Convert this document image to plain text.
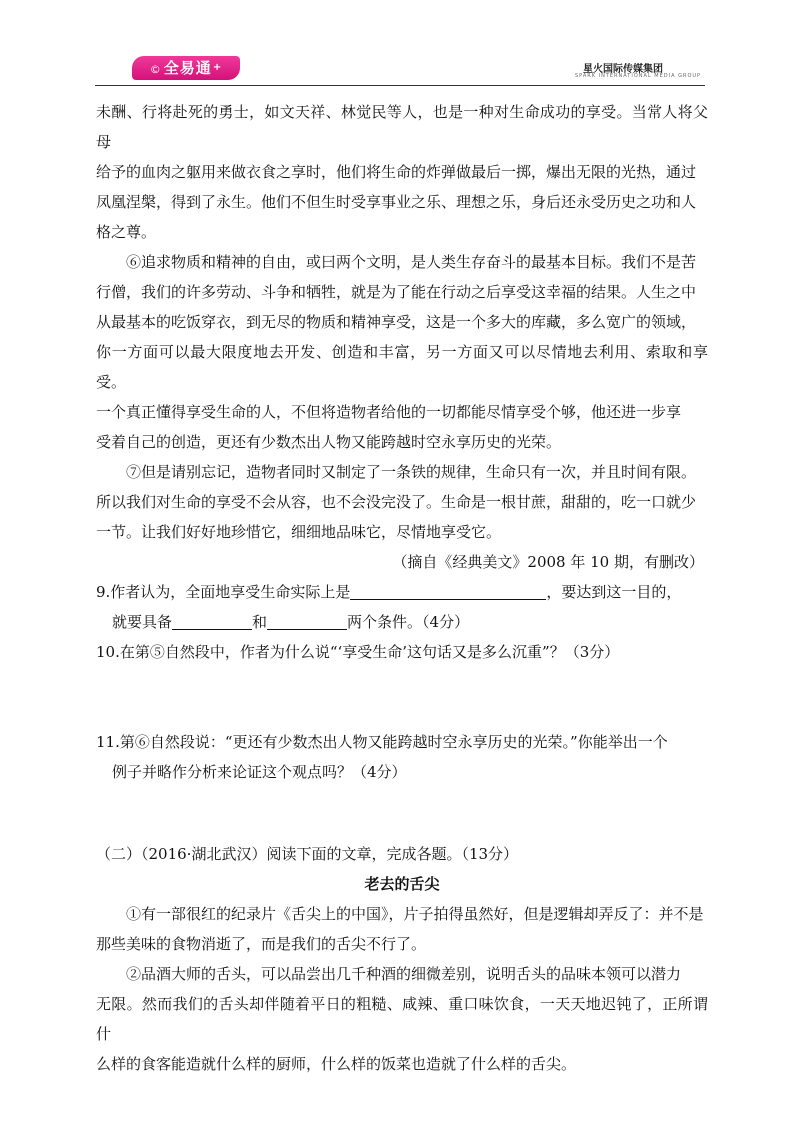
© 全易通+	星火国际传媒集团
SPARK INTERNATIONAL MEDIA GROUP

未酬、行将赴死的勇士，如文天祥、林觉民等人，也是一种对生命成功的享受。当常人将父母

给予的血肉之躯用来做衣食之享时，他们将生命的炸弹做最后一掷，爆出无限的光热，通过

凤凰涅槃，得到了永生。他们不但生时受享事业之乐、理想之乐，身后还永受历史之功和人

格之尊。

⑥追求物质和精神的自由，或曰两个文明，是人类生存奋斗的最基本目标。我们不是苦

行僧，我们的许多劳动、斗争和牺牲，就是为了能在行动之后享受这幸福的结果。人生之中

从最基本的吃饭穿衣，到无尽的物质和精神享受，这是一个多大的库藏，多么宽广的领域，

你一方面可以最大限度地去开发、创造和丰富，另一方面又可以尽情地去利用、索取和享受。

一个真正懂得享受生命的人，不但将造物者给他的一切都能尽情享受个够，他还进一步享

受着自己的创造，更还有少数杰出人物又能跨越时空永享历史的光荣。

⑦但是请别忘记，造物者同时又制定了一条铁的规律，生命只有一次，并且时间有限。

所以我们对生命的享受不会从容，也不会没完没了。生命是一根甘蔗，甜甜的，吃一口就少

一节。让我们好好地珍惜它，细细地品味它，尽情地享受它。

（摘自《经典美文》2008 年 10 期，有删改）

9.作者认为，全面地享受生命实际上是	，要达到这一目的，

就要具备	和	两个条件。（4分）

10.在第⑤自然段中，作者为什么说“‘享受生命’这句话又是多么沉重”？（3分）

11.第⑥自然段说：“更还有少数杰出人物又能跨越时空永享历史的光荣。”你能举出一个

例子并略作分析来论证这个观点吗？（4分）

（二）（2016·湖北武汉）阅读下面的文章，完成各题。（13分）

老去的舌尖

①有一部很红的纪录片《舌尖上的中国》，片子拍得虽然好，但是逻辑却弄反了：并不是

那些美味的食物消逝了，而是我们的舌尖不行了。

②品酒大师的舌头，可以品尝出几千种酒的细微差别，说明舌头的品味本领可以潜力

无限。然而我们的舌头却伴随着平日的粗糙、咸辣、重口味饮食，一天天地迟钝了，正所谓什

么样的食客能造就什么样的厨师，什么样的饭菜也造就了什么样的舌尖。
